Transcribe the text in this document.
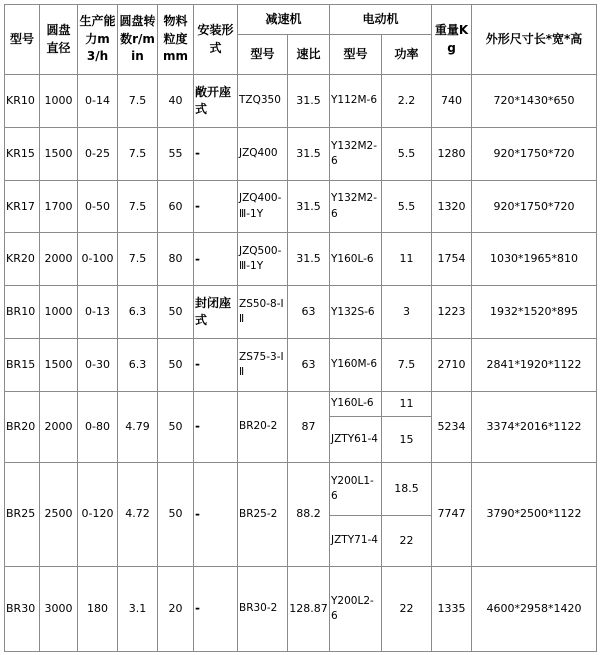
型号	圆盘直径	生产能力m3/h	圆盘转数r/min	物料粒度mm	安装形式	减速机		电动机		重量Kg	外形尺寸长*宽*高
						型号	速比	型号	功率		
KR10	1000	0-14	7.5	40	敞开座式	TZQ350	31.5	Y112M-6	2.2	740	720*1430*650
KR15	1500	0-25	7.5	55	-	JZQ400	31.5	Y132M2-6	5.5	1280	920*1750*720
KR17	1700	0-50	7.5	60	-	JZQ400-Ⅲ-1Y	31.5	Y132M2-6	5.5	1320	920*1750*720
KR20	2000	0-100	7.5	80	-	JZQ500-Ⅲ-1Y	31.5	Y160L-6	11	1754	1030*1965*810
BR10	1000	0-13	6.3	50	封闭座式	ZS50-8-ⅠⅡ	63	Y132S-6	3	1223	1932*1520*895
BR15	1500	0-30	6.3	50	-	ZS75-3-ⅠⅡ	63	Y160M-6	7.5	2710	2841*1920*1122
BR20	2000	0-80	4.79	50	-	BR20-2	87	Y160L-6	11	5234	3374*2016*1122
								JZTY61-4	15		
BR25	2500	0-120	4.72	50	-	BR25-2	88.2	Y200L1-6	18.5	7747	3790*2500*1122
								JZTY71-4	22		
BR30	3000	180	3.1	20	-	BR30-2	128.87	Y200L2-6	22	1335	4600*2958*1420
